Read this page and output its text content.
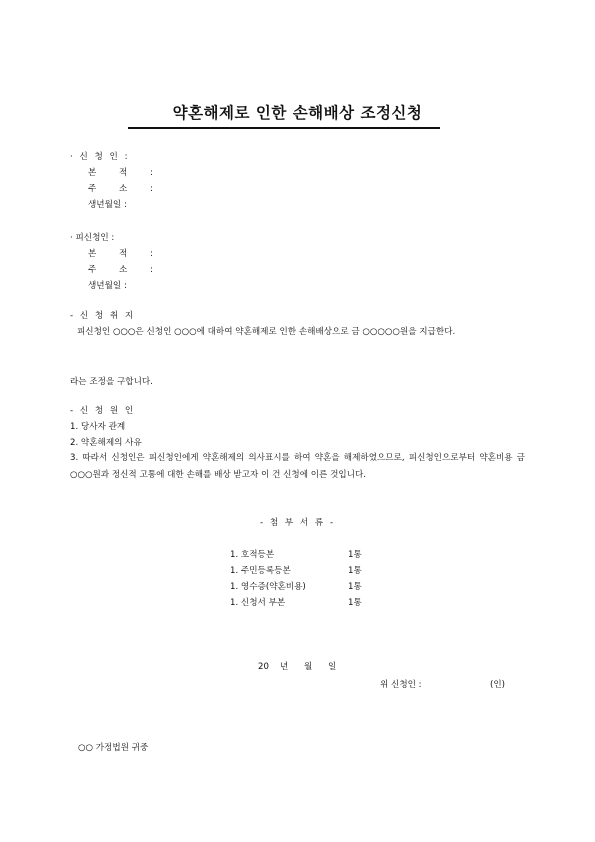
약혼해제로 인한 손해배상 조정신청
· 신 청 인 :
본 적 :
주 소 :
생년월일 :
· 피신청인 :
본 적 :
주 소 :
생년월일 :
- 신 청 취 지
피신청인 ○○○은 신청인 ○○○에 대하여 약혼해제로 인한 손해배상으로 금 ○○○○○원을 지급한다.
라는 조정을 구합니다.
- 신 청 원 인
1. 당사자 관계
2. 약혼해제의 사유
3. 따라서 신청인은 피신청인에게 약혼해제의 의사표시를 하여 약혼을 해제하였으므로, 피신청인으로부터 약혼비용 금 ○○○원과 정신적 고통에 대한 손해를 배상 받고자 이 건 신청에 이른 것입니다.
- 첨 부 서 류 -
1. 호적등본	1통
1. 주민등록등본	1통
1. 영수증(약혼비용)	1통
1. 신청서 부본	1통
20 년 월 일
위 신청인 :	(인)
○○ 가정법원 귀중
